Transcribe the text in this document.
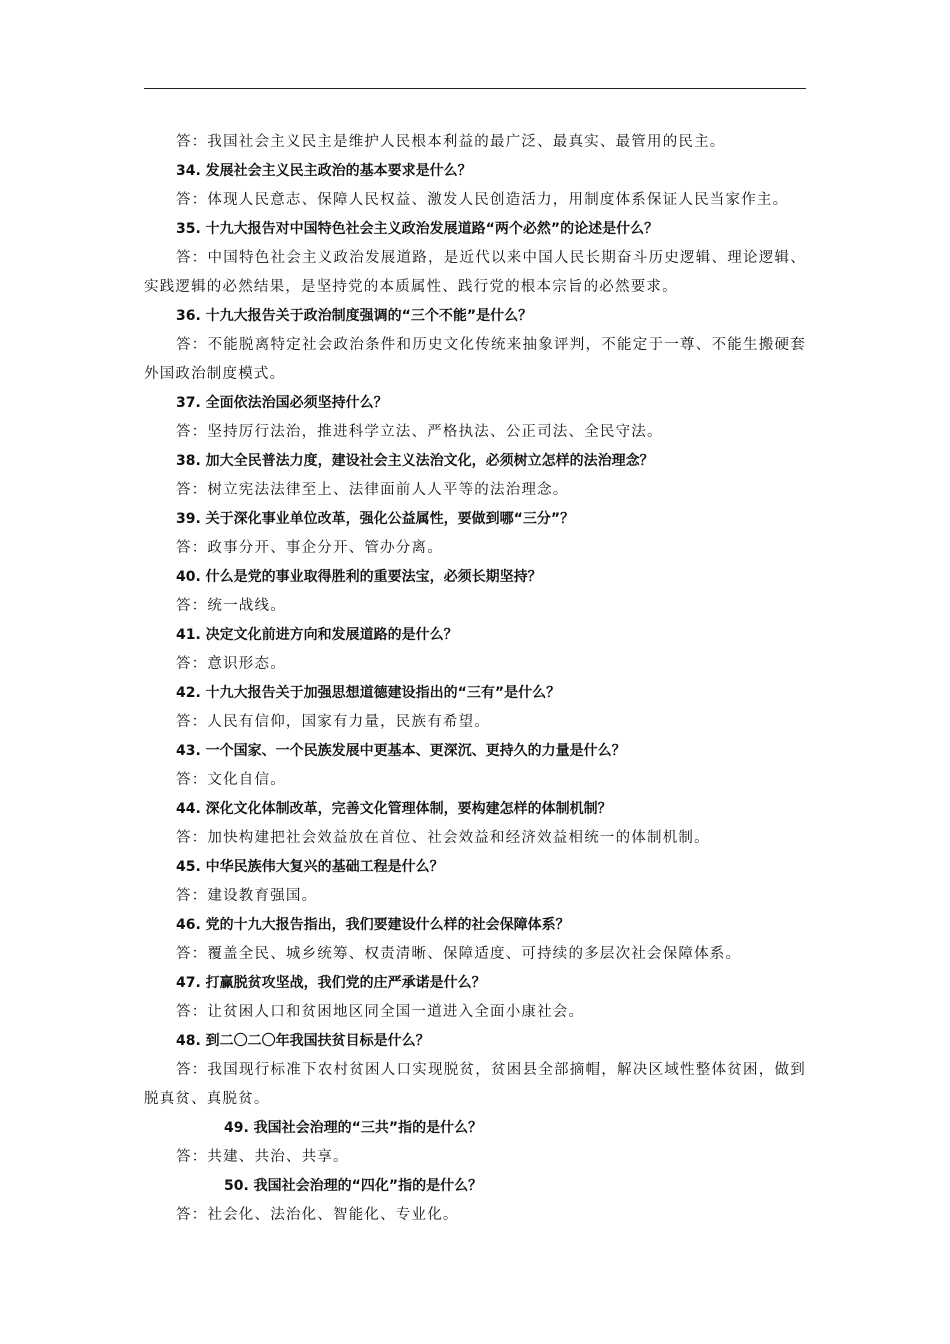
答：我国社会主义民主是维护人民根本利益的最广泛、最真实、最管用的民主。
34. 发展社会主义民主政治的基本要求是什么？
答：体现人民意志、保障人民权益、激发人民创造活力，用制度体系保证人民当家作主。
35. 十九大报告对中国特色社会主义政治发展道路“两个必然”的论述是什么？
答：中国特色社会主义政治发展道路，是近代以来中国人民长期奋斗历史逻辑、理论逻辑、实践逻辑的必然结果，是坚持党的本质属性、践行党的根本宗旨的必然要求。
36. 十九大报告关于政治制度强调的“三个不能”是什么？
答：不能脱离特定社会政治条件和历史文化传统来抽象评判，不能定于一尊、不能生搬硬套外国政治制度模式。
37. 全面依法治国必须坚持什么？
答：坚持厉行法治，推进科学立法、严格执法、公正司法、全民守法。
38. 加大全民普法力度，建设社会主义法治文化，必须树立怎样的法治理念？
答：树立宪法法律至上、法律面前人人平等的法治理念。
39. 关于深化事业单位改革，强化公益属性，要做到哪“三分”？
答：政事分开、事企分开、管办分离。
40. 什么是党的事业取得胜利的重要法宝，必须长期坚持？
答：统一战线。
41. 决定文化前进方向和发展道路的是什么？
答：意识形态。
42. 十九大报告关于加强思想道德建设指出的“三有”是什么？
答：人民有信仰，国家有力量，民族有希望。
43. 一个国家、一个民族发展中更基本、更深沉、更持久的力量是什么？
答：文化自信。
44. 深化文化体制改革，完善文化管理体制，要构建怎样的体制机制？
答：加快构建把社会效益放在首位、社会效益和经济效益相统一的体制机制。
45. 中华民族伟大复兴的基础工程是什么？
答：建设教育强国。
46. 党的十九大报告指出，我们要建设什么样的社会保障体系？
答：覆盖全民、城乡统筹、权责清晰、保障适度、可持续的多层次社会保障体系。
47. 打赢脱贫攻坚战，我们党的庄严承诺是什么？
答：让贫困人口和贫困地区同全国一道进入全面小康社会。
48. 到二〇二〇年我国扶贫目标是什么？
答：我国现行标准下农村贫困人口实现脱贫，贫困县全部摘帽，解决区域性整体贫困，做到脱真贫、真脱贫。
49. 我国社会治理的“三共”指的是什么？
答：共建、共治、共享。
50. 我国社会治理的“四化”指的是什么？
答：社会化、法治化、智能化、专业化。
